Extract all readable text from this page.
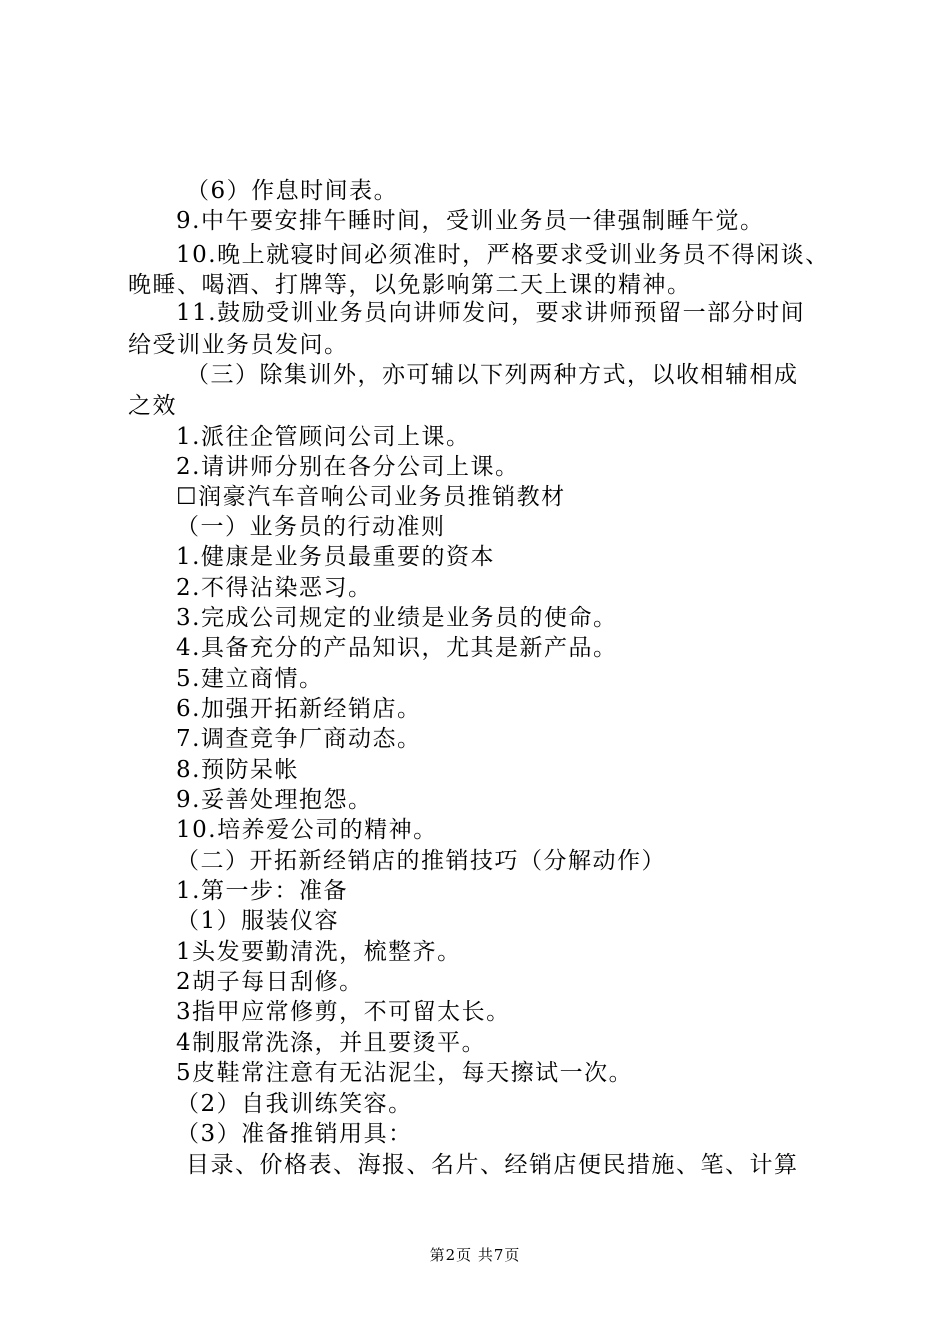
（6）作息时间表。
9.中午要安排午睡时间，受训业务员一律强制睡午觉。
10.晚上就寝时间必须准时，严格要求受训业务员不得闲谈、
晚睡、喝酒、打牌等，以免影响第二天上课的精神。
11.鼓励受训业务员向讲师发问，要求讲师预留一部分时间
给受训业务员发问。
（三）除集训外，亦可辅以下列两种方式，以收相辅相成
之效
1.派往企管顾问公司上课。
2.请讲师分别在各分公司上课。
☐润豪汽车音响公司业务员推销教材
（一）业务员的行动准则
1.健康是业务员最重要的资本
2.不得沾染恶习。
3.完成公司规定的业绩是业务员的使命。
4.具备充分的产品知识，尤其是新产品。
5.建立商情。
6.加强开拓新经销店。
7.调查竞争厂商动态。
8.预防呆帐
9.妥善处理抱怨。
10.培养爱公司的精神。
（二）开拓新经销店的推销技巧（分解动作）
1.第一步：准备
（1）服装仪容
1头发要勤清洗，梳整齐。
2胡子每日刮修。
3指甲应常修剪，不可留太长。
4制服常洗涤，并且要烫平。
5皮鞋常注意有无沾泥尘，每天擦试一次。
（2）自我训练笑容。
（3）准备推销用具：
目录、价格表、海报、名片、经销店便民措施、笔、计算
第2页 共7页
